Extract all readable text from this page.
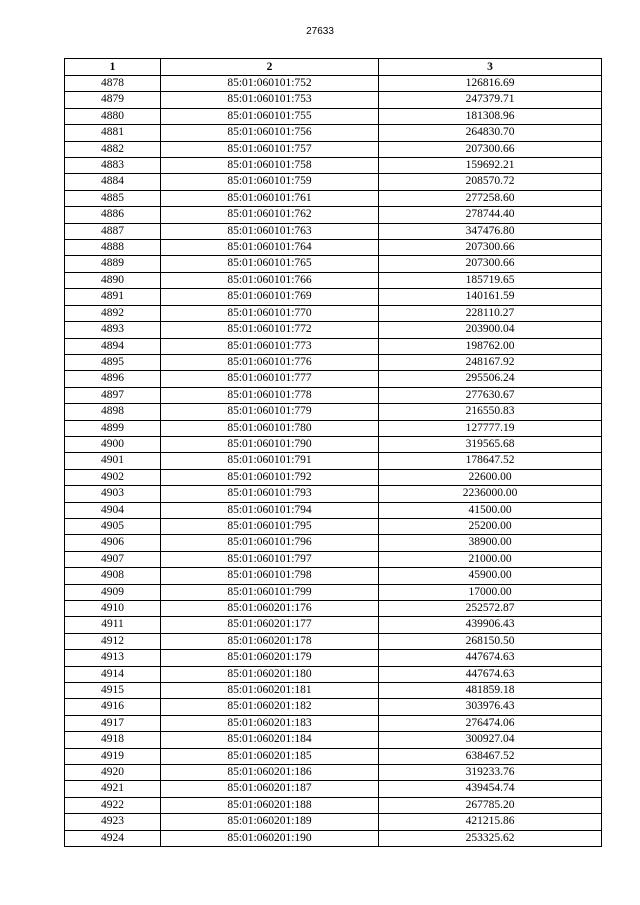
27633
1	2	3
4878	85:01:060101:752	126816.69
4879	85:01:060101:753	247379.71
4880	85:01:060101:755	181308.96
4881	85:01:060101:756	264830.70
4882	85:01:060101:757	207300.66
4883	85:01:060101:758	159692.21
4884	85:01:060101:759	208570.72
4885	85:01:060101:761	277258.60
4886	85:01:060101:762	278744.40
4887	85:01:060101:763	347476.80
4888	85:01:060101:764	207300.66
4889	85:01:060101:765	207300.66
4890	85:01:060101:766	185719.65
4891	85:01:060101:769	140161.59
4892	85:01:060101:770	228110.27
4893	85:01:060101:772	203900.04
4894	85:01:060101:773	198762.00
4895	85:01:060101:776	248167.92
4896	85:01:060101:777	295506.24
4897	85:01:060101:778	277630.67
4898	85:01:060101:779	216550.83
4899	85:01:060101:780	127777.19
4900	85:01:060101:790	319565.68
4901	85:01:060101:791	178647.52
4902	85:01:060101:792	22600.00
4903	85:01:060101:793	2236000.00
4904	85:01:060101:794	41500.00
4905	85:01:060101:795	25200.00
4906	85:01:060101:796	38900.00
4907	85:01:060101:797	21000.00
4908	85:01:060101:798	45900.00
4909	85:01:060101:799	17000.00
4910	85:01:060201:176	252572.87
4911	85:01:060201:177	439906.43
4912	85:01:060201:178	268150.50
4913	85:01:060201:179	447674.63
4914	85:01:060201:180	447674.63
4915	85:01:060201:181	481859.18
4916	85:01:060201:182	303976.43
4917	85:01:060201:183	276474.06
4918	85:01:060201:184	300927.04
4919	85:01:060201:185	638467.52
4920	85:01:060201:186	319233.76
4921	85:01:060201:187	439454.74
4922	85:01:060201:188	267785.20
4923	85:01:060201:189	421215.86
4924	85:01:060201:190	253325.62
